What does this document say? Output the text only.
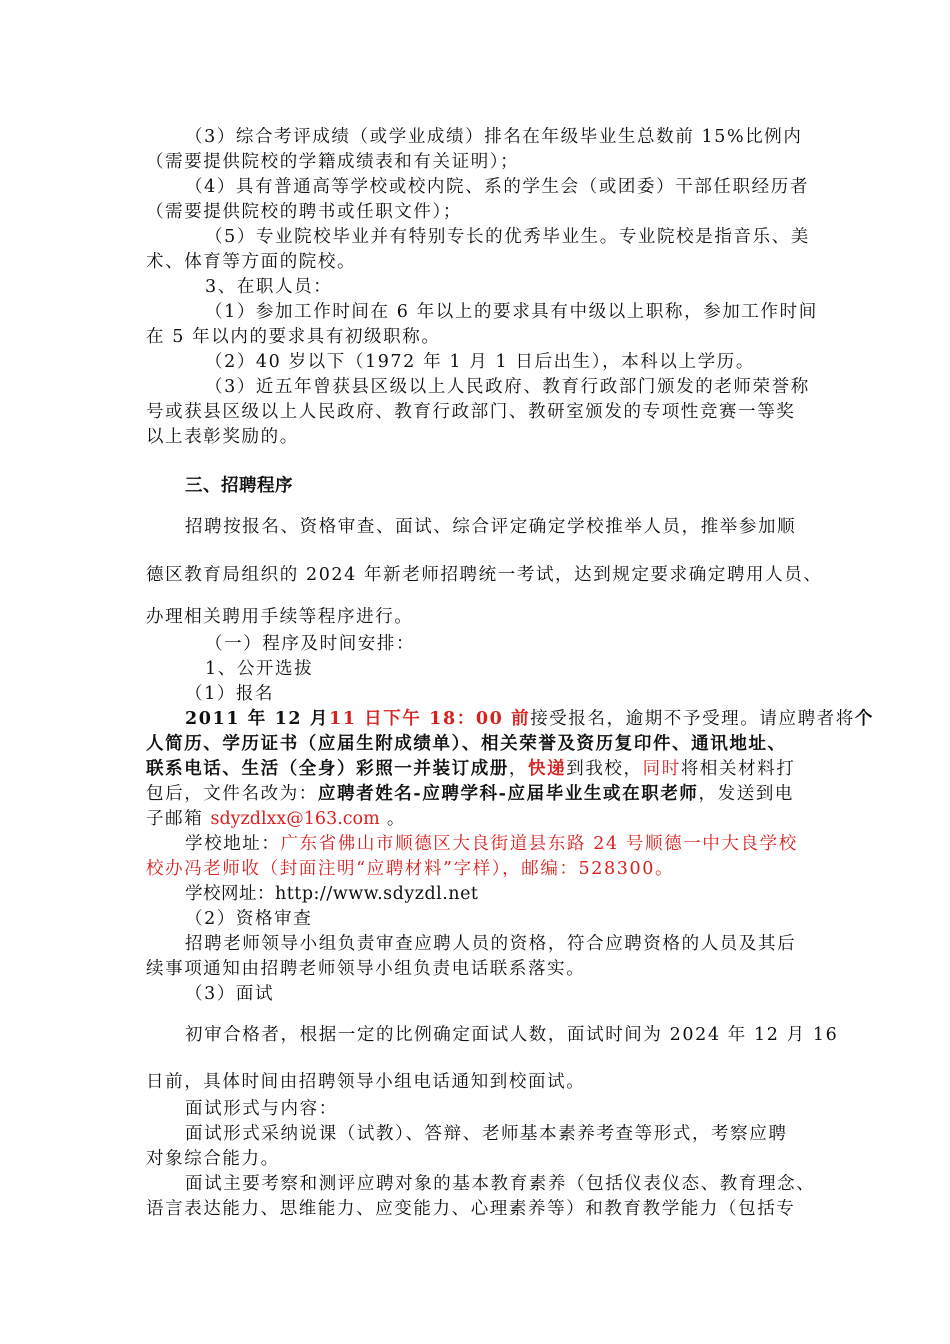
（3）综合考评成绩（或学业成绩）排名在年级毕业生总数前 15%比例内
（需要提供院校的学籍成绩表和有关证明）；
（4）具有普通高等学校或校内院、系的学生会（或团委）干部任职经历者
（需要提供院校的聘书或任职文件）；
（5）专业院校毕业并有特别专长的优秀毕业生。专业院校是指音乐、美
术、体育等方面的院校。
3、在职人员：
（1）参加工作时间在 6 年以上的要求具有中级以上职称，参加工作时间
在 5 年以内的要求具有初级职称。
（2）40 岁以下（1972 年 1 月 1 日后出生），本科以上学历。
（3）近五年曾获县区级以上人民政府、教育行政部门颁发的老师荣誉称
号或获县区级以上人民政府、教育行政部门、教研室颁发的专项性竞赛一等奖
以上表彰奖励的。
三、招聘程序
招聘按报名、资格审查、面试、综合评定确定学校推举人员，推举参加顺
德区教育局组织的 2024 年新老师招聘统一考试，达到规定要求确定聘用人员、
办理相关聘用手续等程序进行。
（一）程序及时间安排：
1、公开选拔
（1）报名
2011 年 12 月11 日下午 18：00 前接受报名，逾期不予受理。请应聘者将个
人简历、学历证书（应届生附成绩单）、相关荣誉及资历复印件、通讯地址、
联系电话、生活（全身）彩照一并装订成册，快递到我校，同时将相关材料打
包后，文件名改为：应聘者姓名-应聘学科-应届毕业生或在职老师，发送到电
子邮箱 sdyzdlxx@163.com 。
学校地址：广东省佛山市顺德区大良街道县东路 24 号顺德一中大良学校
校办冯老师收（封面注明“应聘材料”字样），邮编：528300。
学校网址：http://www.sdyzdl.net
（2）资格审查
招聘老师领导小组负责审查应聘人员的资格，符合应聘资格的人员及其后
续事项通知由招聘老师领导小组负责电话联系落实。
（3）面试
初审合格者，根据一定的比例确定面试人数，面试时间为 2024 年 12 月 16
日前，具体时间由招聘领导小组电话通知到校面试。
面试形式与内容：
面试形式采纳说课（试教）、答辩、老师基本素养考查等形式，考察应聘
对象综合能力。
面试主要考察和测评应聘对象的基本教育素养（包括仪表仪态、教育理念、
语言表达能力、思维能力、应变能力、心理素养等）和教育教学能力（包括专
